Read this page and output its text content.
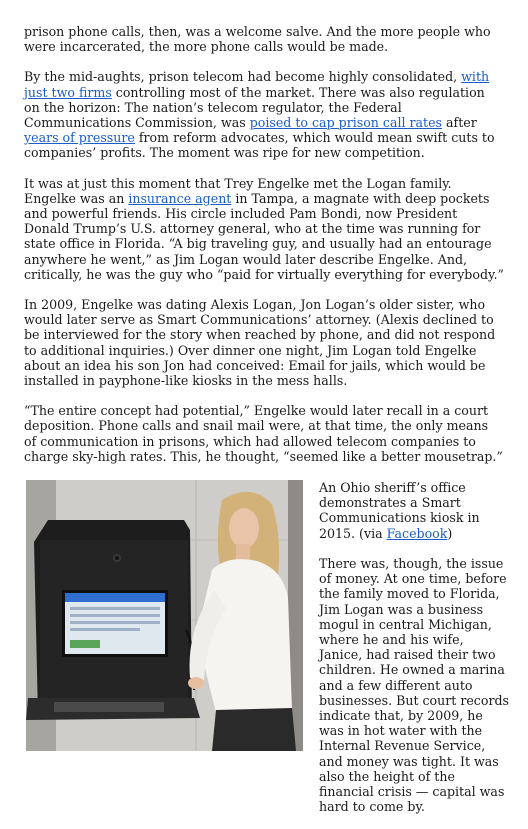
prison phone calls, then, was a welcome salve. And the more people who were incarcerated, the more phone calls would be made.

By the mid-aughts, prison telecom had become highly consolidated, with just two firms controlling most of the market. There was also regulation on the horizon: The nation’s telecom regulator, the Federal Communications Commission, was poised to cap prison call rates after years of pressure from reform advocates, which would mean swift cuts to companies’ profits. The moment was ripe for new competition.

It was at just this moment that Trey Engelke met the Logan family. Engelke was an insurance agent in Tampa, a magnate with deep pockets and powerful friends. His circle included Pam Bondi, now President Donald Trump’s U.S. attorney general, who at the time was running for state office in Florida. “A big traveling guy, and usually had an entourage anywhere he went,” as Jim Logan would later describe Engelke. And, critically, he was the guy who “paid for virtually everything for everybody.”

In 2009, Engelke was dating Alexis Logan, Jon Logan’s older sister, who would later serve as Smart Communications’ attorney. (Alexis declined to be interviewed for the story when reached by phone, and did not respond to additional inquiries.) Over dinner one night, Jim Logan told Engelke about an idea his son Jon had conceived: Email for jails, which would be installed in payphone-like kiosks in the mess halls.

“The entire concept had potential,” Engelke would later recall in a court deposition. Phone calls and snail mail were, at that time, the only means of communication in prisons, which had allowed telecom companies to charge sky-high rates. This, he thought, “seemed like a better mousetrap.”

An Ohio sheriff’s office demonstrates a Smart Communications kiosk in 2015. (via Facebook)

There was, though, the issue of money. At one time, before the family moved to Florida, Jim Logan was a business mogul in central Michigan, where he and his wife, Janice, had raised their two children. He owned a marina and a few different auto businesses. But court records indicate that, by 2009, he was in hot water with the Internal Revenue Service, and money was tight. It was also the height of the financial crisis — capital was hard to come by.
